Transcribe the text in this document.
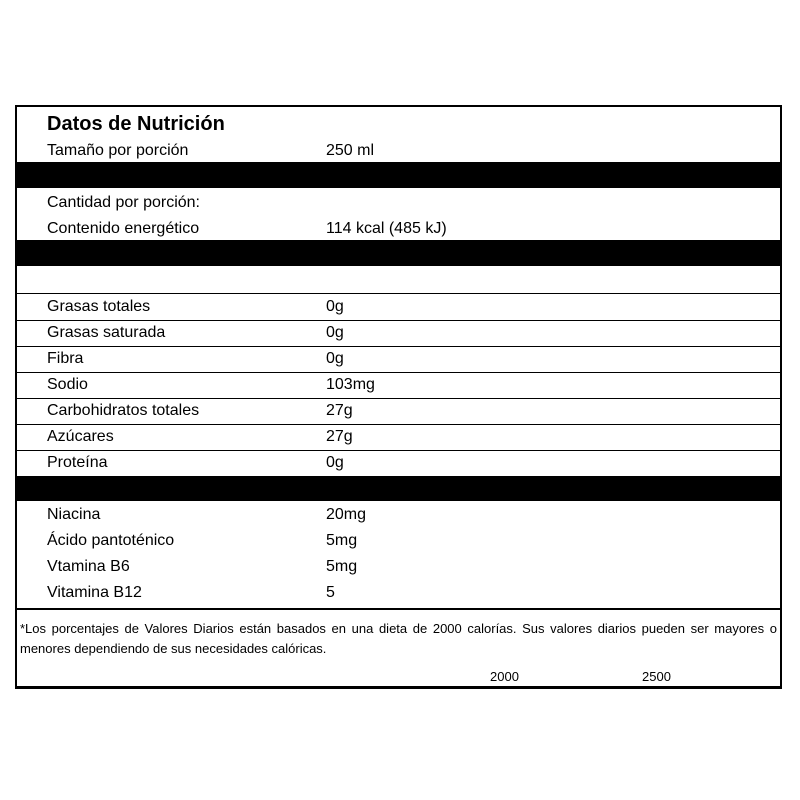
Datos de Nutrición
Tamaño por porción	250 ml
Cantidad por porción:
Contenido energético	114 kcal (485 kJ)
Grasas totales	0g
Grasas saturada	0g
Fibra	0g
Sodio	103mg
Carbohidratos totales	27g
Azúcares	27g
Proteína	0g
Niacina	20mg
Ácido pantoténico	5mg
Vtamina B6	5mg
Vitamina B12	5
*Los porcentajes de Valores Diarios están basados en una dieta de 2000 calorías. Sus valores diarios pueden ser mayores o menores dependiendo de sus necesidades calóricas.
2000	2500
